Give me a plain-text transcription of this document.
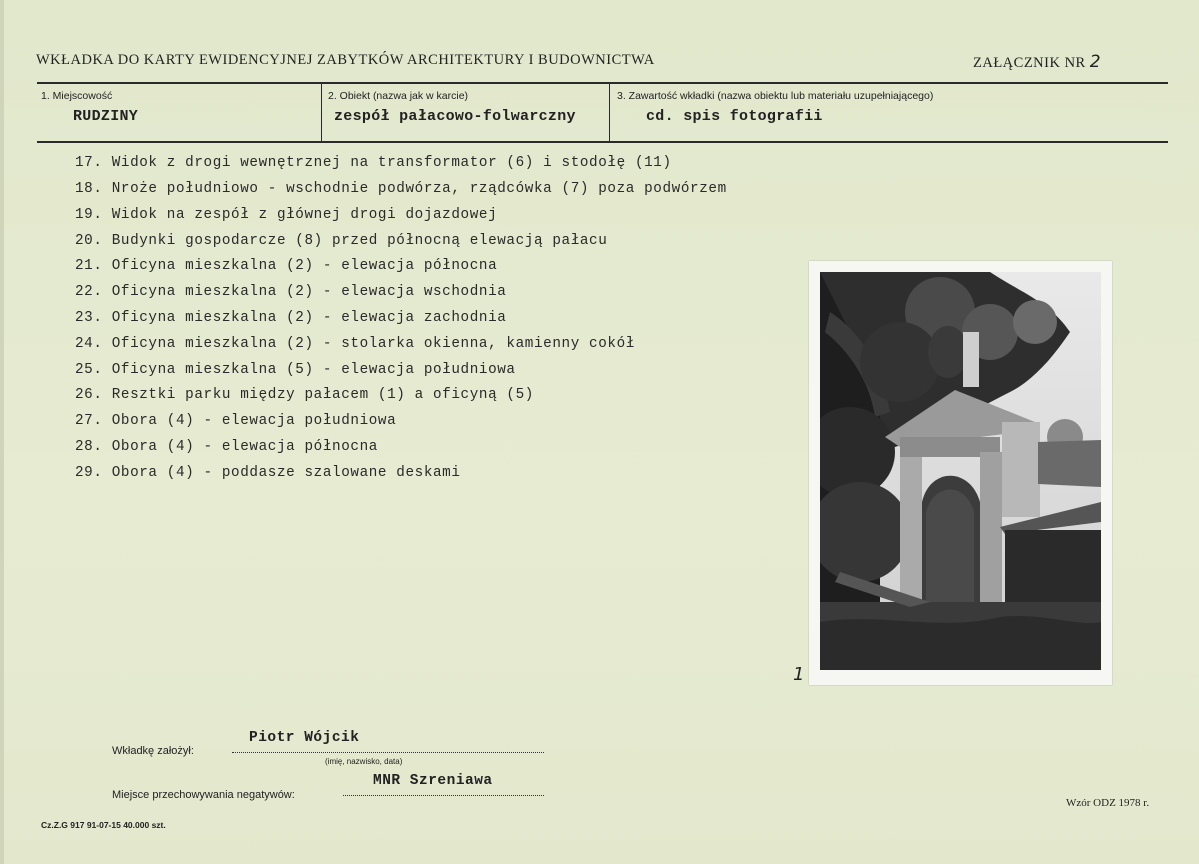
WKŁADKA DO KARTY EWIDENCYJNEJ ZABYTKÓW ARCHITEKTURY I BUDOWNICTWA	ZAŁĄCZNIK NR 2
1. Miejscowość
RUDZINY
2. Obiekt (nazwa jak w karcie)
zespół pałacowo-folwarczny
3. Zawartość wkładki (nazwa obiektu lub materiału uzupełniającego)
cd. spis fotografii
17. Widok z drogi wewnętrznej na transformator (6) i stodołę (11)
18. Nroże południowo - wschodnie podwórza, rządcówka (7) poza podwórzem
19. Widok na zespół z głównej drogi dojazdowej
20. Budynki gospodarcze (8) przed północną elewacją pałacu
21. Oficyna mieszkalna (2) - elewacja północna
22. Oficyna mieszkalna (2) - elewacja wschodnia
23. Oficyna mieszkalna (2) - elewacja zachodnia
24. Oficyna mieszkalna (2) - stolarka okienna, kamienny cokół
25. Oficyna mieszkalna (5) - elewacja południowa
26. Resztki parku między pałacem (1) a oficyną (5)
27. Obora (4) - elewacja południowa
28. Obora (4) - elewacja północna
29. Obora (4) - poddasze szalowane deskami
1
Wkładkę założył:
Piotr Wójcik
(imię, nazwisko, data)
Miejsce przechowywania negatywów:
MNR Szreniawa
Cz.Z.G 917 91-07-15 40.000 szt.
Wzór ODZ 1978 r.
